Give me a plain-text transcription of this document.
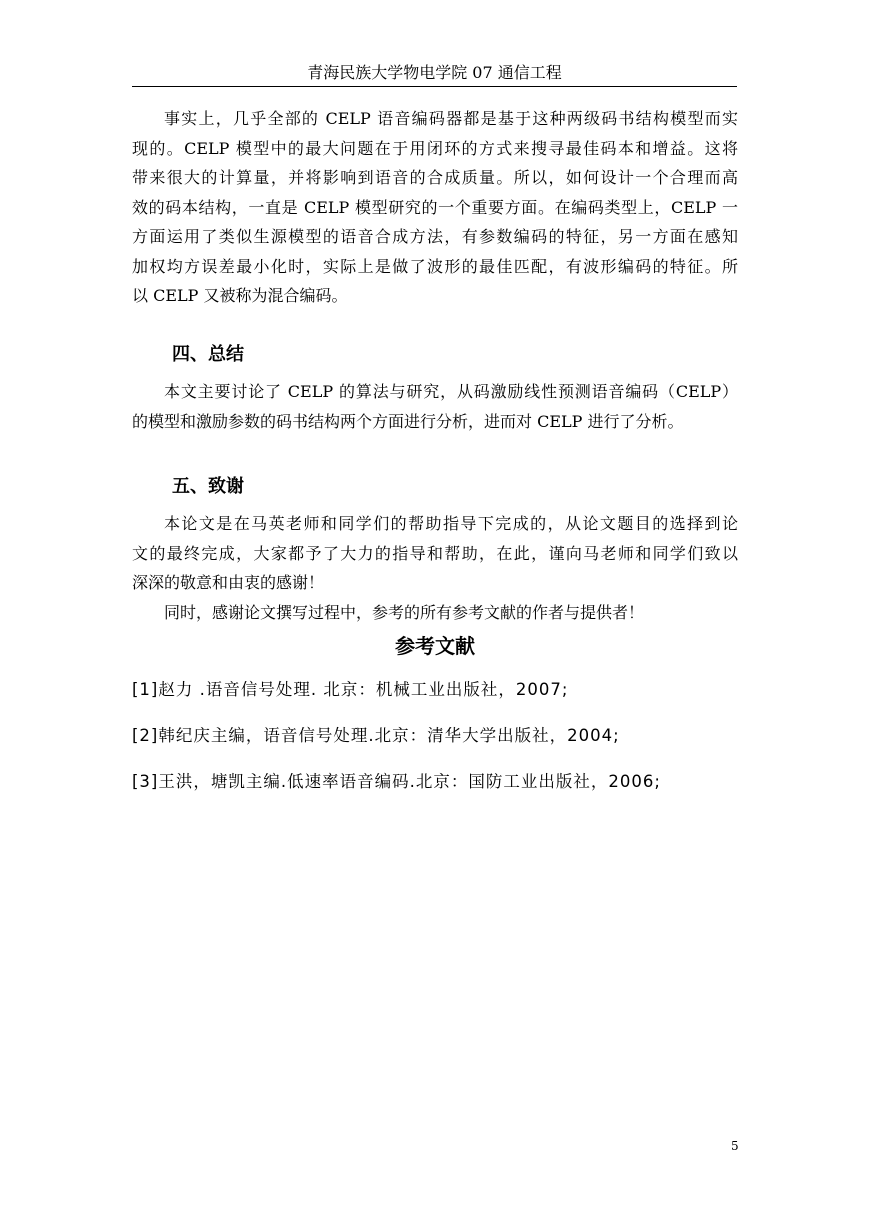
青海民族大学物电学院 07 通信工程
事实上，几乎全部的 CELP 语音编码器都是基于这种两级码书结构模型而实
现的。CELP 模型中的最大问题在于用闭环的方式来搜寻最佳码本和增益。这将
带来很大的计算量，并将影响到语音的合成质量。所以，如何设计一个合理而高
效的码本结构，一直是 CELP 模型研究的一个重要方面。在编码类型上，CELP 一
方面运用了类似生源模型的语音合成方法，有参数编码的特征，另一方面在感知
加权均方误差最小化时，实际上是做了波形的最佳匹配，有波形编码的特征。所
以 CELP 又被称为混合编码。
四、总结
本文主要讨论了 CELP 的算法与研究，从码激励线性预测语音编码（CELP）
的模型和激励参数的码书结构两个方面进行分析，进而对 CELP 进行了分析。
五、致谢
本论文是在马英老师和同学们的帮助指导下完成的，从论文题目的选择到论
文的最终完成，大家都予了大力的指导和帮助，在此，谨向马老师和同学们致以
深深的敬意和由衷的感谢！
同时，感谢论文撰写过程中，参考的所有参考文献的作者与提供者！
参考文献

[1]赵力 .语音信号处理. 北京：机械工业出版社，2007;

[2]韩纪庆主编，语音信号处理.北京：清华大学出版社，2004;

[3]王洪，塘凯主编.低速率语音编码.北京：国防工业出版社，2006;

5
